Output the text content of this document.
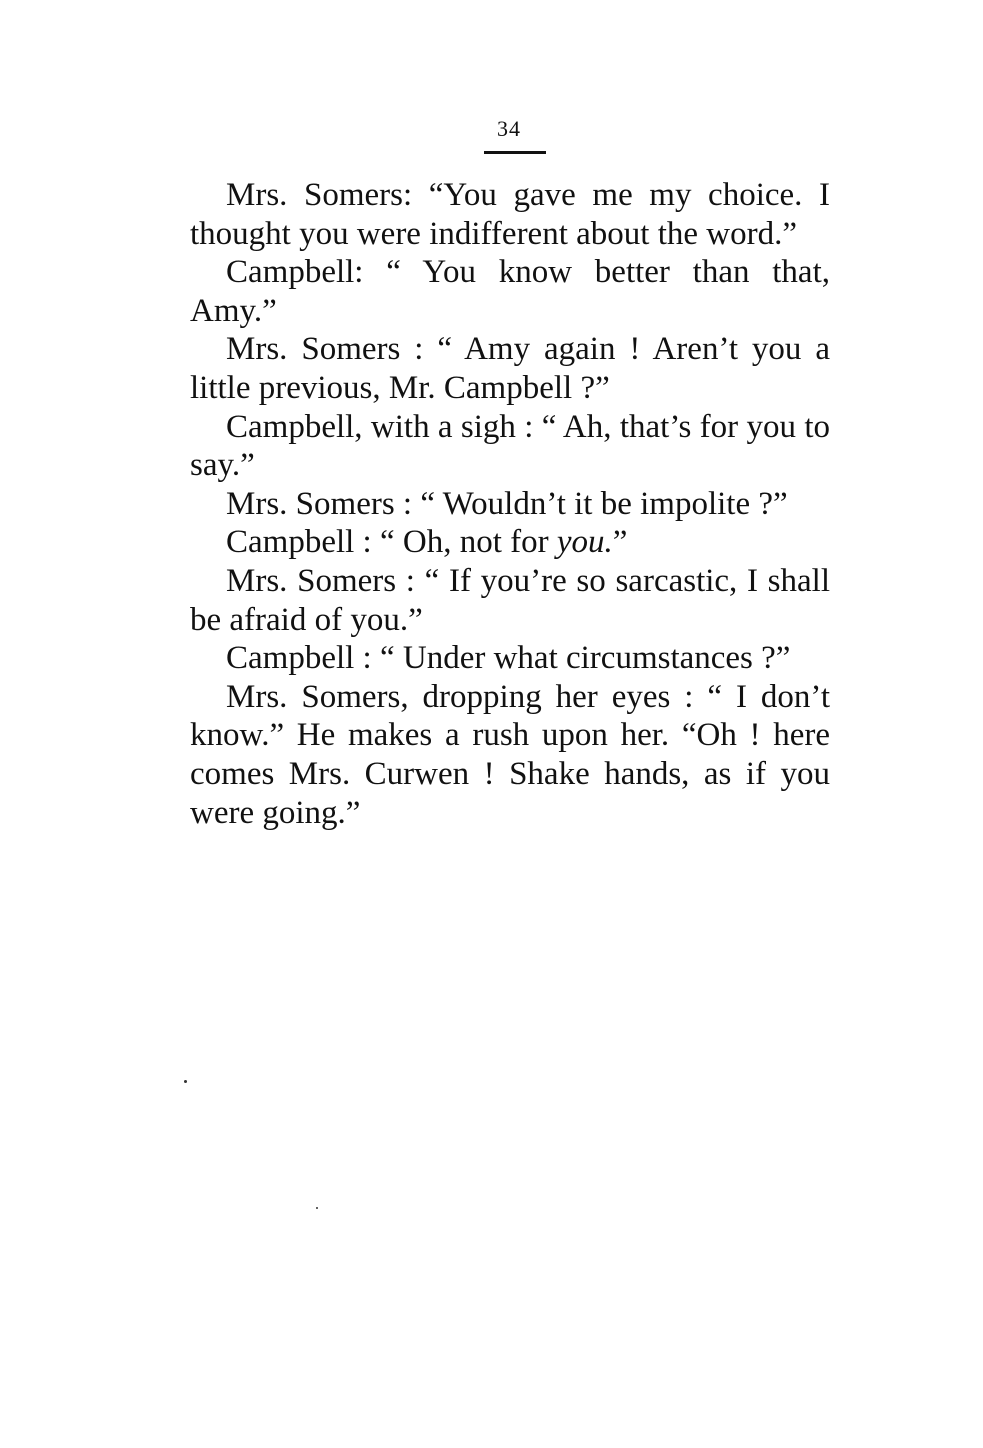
34

Mrs. Somers: “You gave me my choice. I thought you were indifferent about the word.”

Campbell: “ You know better than that, Amy.”

Mrs. Somers : “ Amy again ! Aren’t you a little previous, Mr. Campbell ?”

Campbell, with a sigh : “ Ah, that’s for you to say.”

Mrs. Somers : “ Wouldn’t it be impolite ?”

Campbell : “ Oh, not for you.”

Mrs. Somers : “ If you’re so sarcastic, I shall be afraid of you.”

Campbell : “ Under what circumstances ?”

Mrs. Somers, dropping her eyes : “ I don’t know.” He makes a rush upon her. “Oh ! here comes Mrs. Curwen ! Shake hands, as if you were going.”
